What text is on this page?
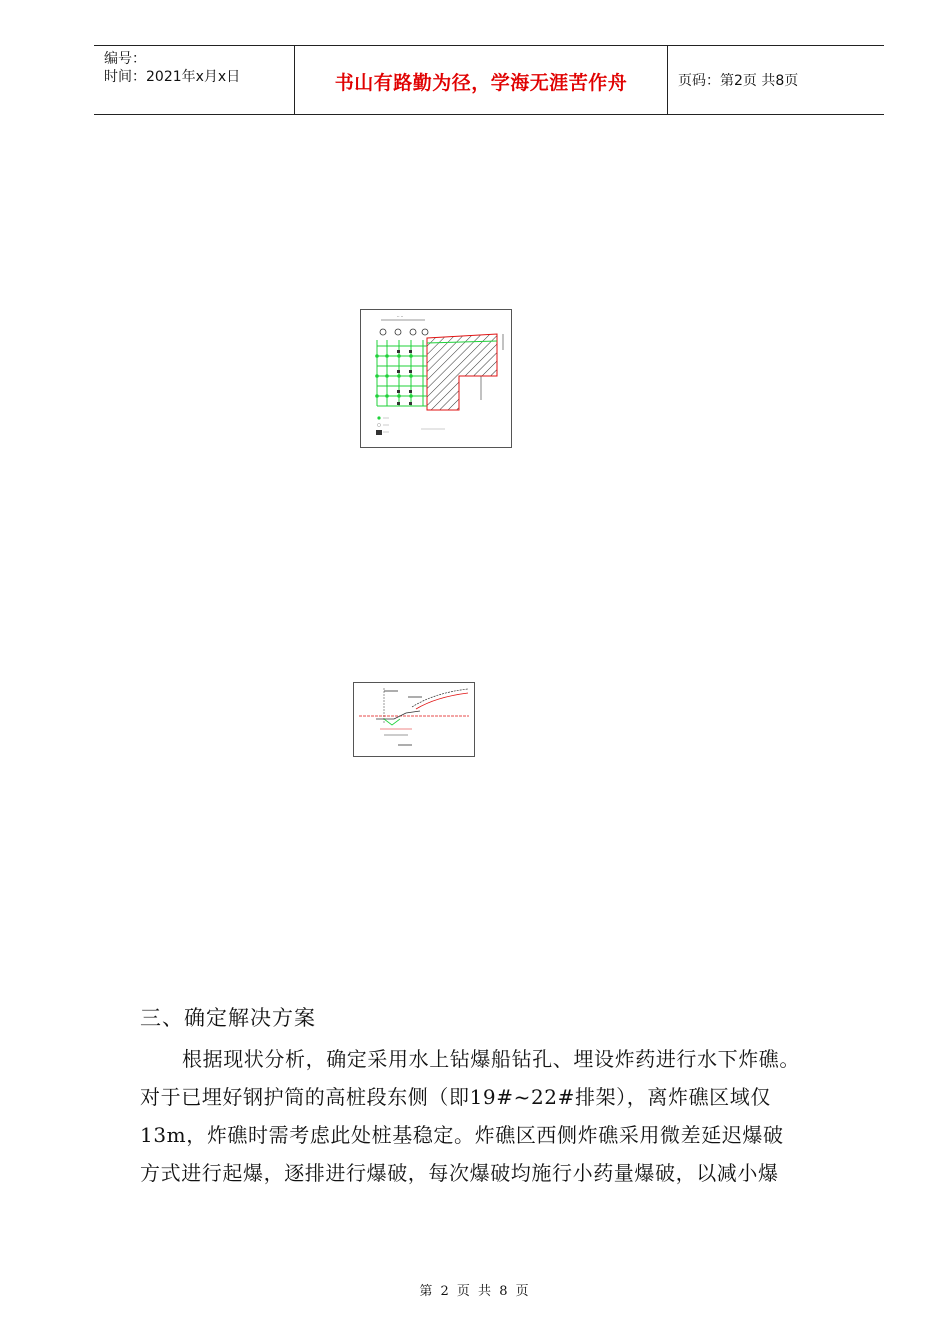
编号：
时间：2021年x月x日	书山有路勤为径，学海无涯苦作舟	页码：第2页 共8页
·· ··
三、确定解决方案

根据现状分析，确定采用水上钻爆船钻孔、埋设炸药进行水下炸礁。

对于已埋好钢护筒的高桩段东侧（即19#~22#排架），离炸礁区域仅

13m，炸礁时需考虑此处桩基稳定。炸礁区西侧炸礁采用微差延迟爆破

方式进行起爆，逐排进行爆破，每次爆破均施行小药量爆破，以减小爆

第 2 页 共 8 页
